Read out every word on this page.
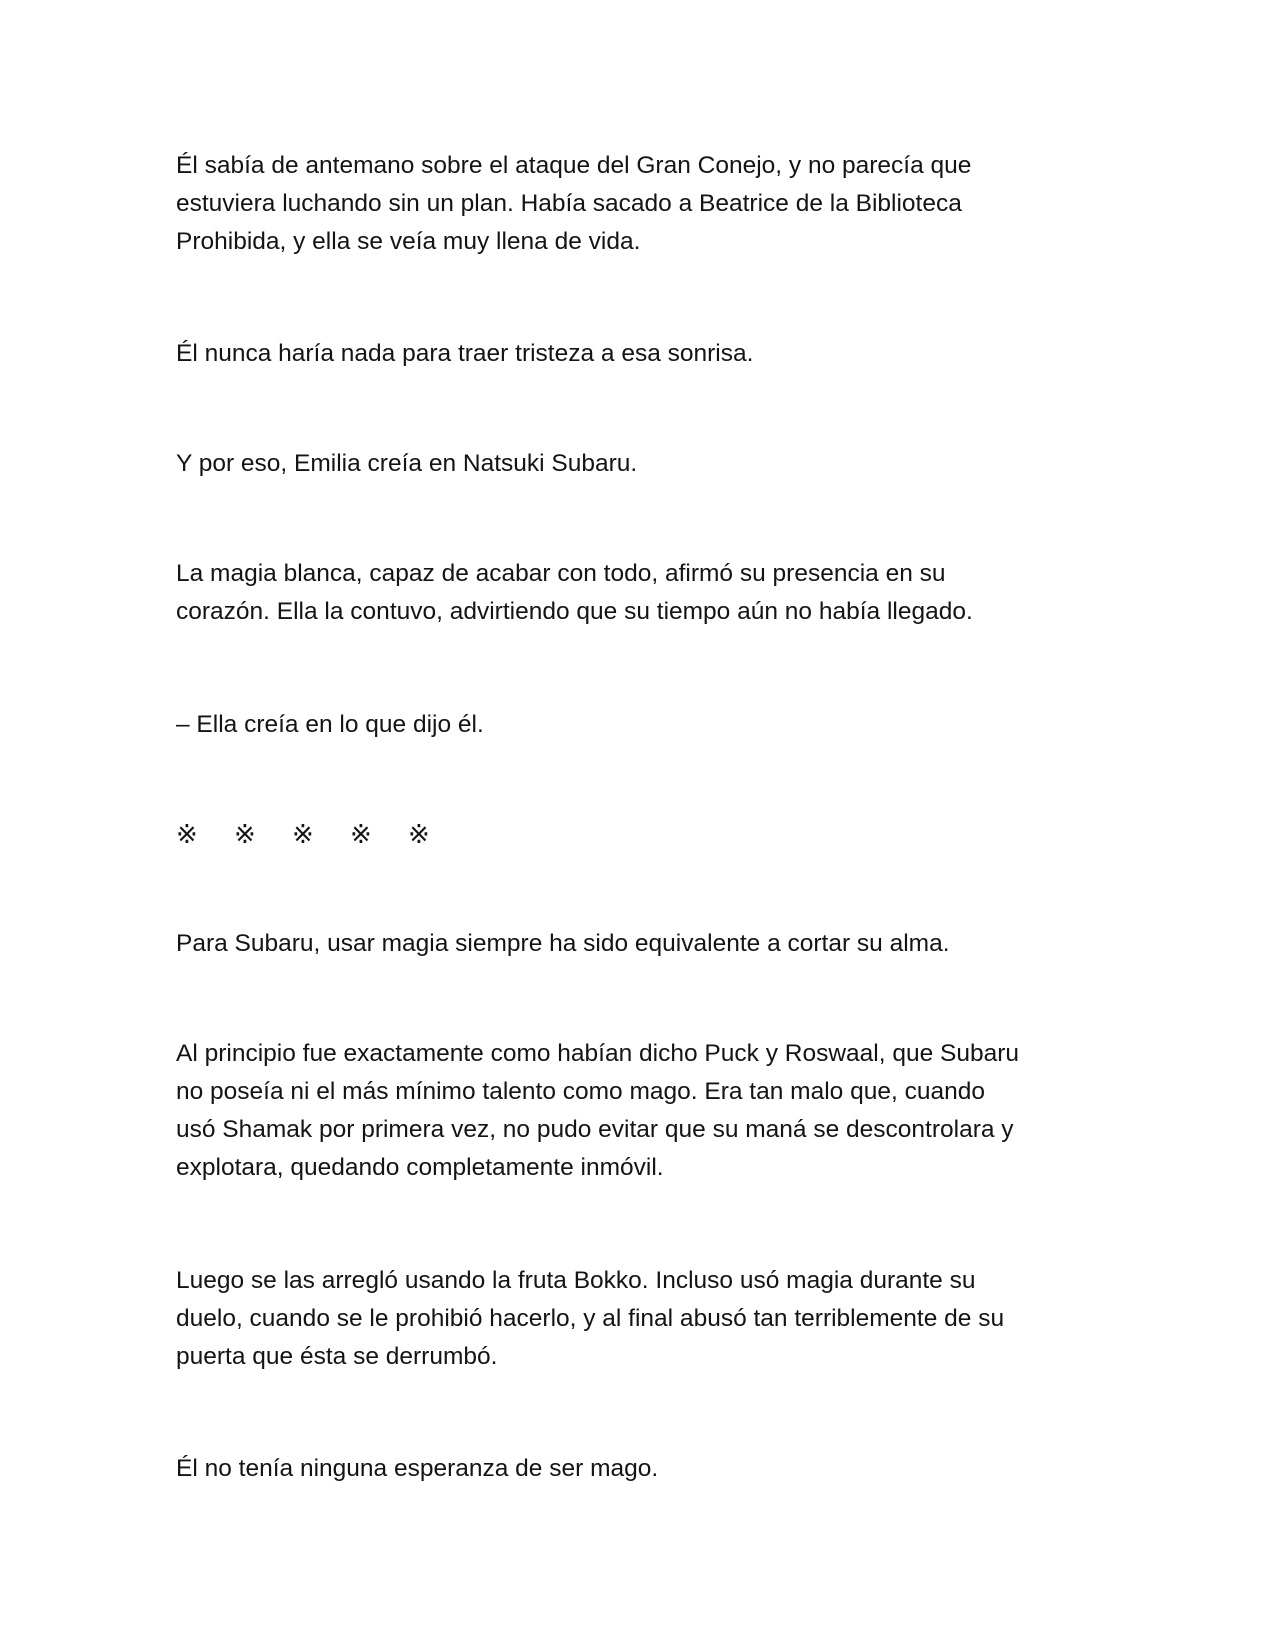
Él sabía de antemano sobre el ataque del Gran Conejo, y no parecía que
estuviera luchando sin un plan. Había sacado a Beatrice de la Biblioteca
Prohibida, y ella se veía muy llena de vida.

Él nunca haría nada para traer tristeza a esa sonrisa.

Y por eso, Emilia creía en Natsuki Subaru.

La magia blanca, capaz de acabar con todo, afirmó su presencia en su
corazón. Ella la contuvo, advirtiendo que su tiempo aún no había llegado.

– Ella creía en lo que dijo él.

※ ※ ※ ※ ※

Para Subaru, usar magia siempre ha sido equivalente a cortar su alma.

Al principio fue exactamente como habían dicho Puck y Roswaal, que Subaru
no poseía ni el más mínimo talento como mago. Era tan malo que, cuando
usó Shamak por primera vez, no pudo evitar que su maná se descontrolara y
explotara, quedando completamente inmóvil.

Luego se las arregló usando la fruta Bokko. Incluso usó magia durante su
duelo, cuando se le prohibió hacerlo, y al final abusó tan terriblemente de su
puerta que ésta se derrumbó.

Él no tenía ninguna esperanza de ser mago.
